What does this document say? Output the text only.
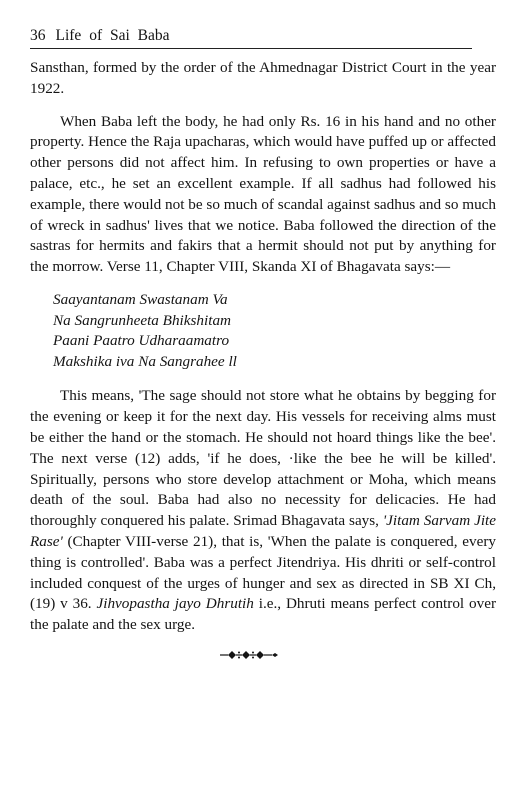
36 Life of Sai Baba

Sansthan, formed by the order of the Ahmednagar District Court in the year 1922.

When Baba left the body, he had only Rs. 16 in his hand and no other property. Hence the Raja upacharas, which would have puffed up or affected other persons did not affect him. In refusing to own properties or have a palace, etc., he set an excellent example. If all sadhus had followed his example, there would not be so much of scandal against sadhus and so much of wreck in sadhus' lives that we notice. Baba followed the direction of the sastras for hermits and fakirs that a hermit should not put by anything for the morrow. Verse 11, Chapter VIII, Skanda XI of Bhagavata says:—

Saayantanam Swastanam Va
Na Sangrunheeta Bhikshitam
Paani Paatro Udharaamatro
Makshika iva Na Sangrahee ll

This means, 'The sage should not store what he obtains by begging for the evening or keep it for the next day. His vessels for receiving alms must be either the hand or the stomach. He should not hoard things like the bee'. The next verse (12) adds, 'if he does, ·like the bee he will be killed'. Spiritually, persons who store develop attachment or Moha, which means death of the soul. Baba had also no necessity for delicacies. He had thoroughly conquered his palate. Srimad Bhagavata says, 'Jitam Sarvam Jite Rase' (Chapter VIII-verse 21), that is, 'When the palate is conquered, every thing is controlled'. Baba was a perfect Jitendriya. His dhriti or self-control included conquest of the urges of hunger and sex as directed in SB XI Ch, (19) v 36. Jihvopastha jayo Dhrutih i.e., Dhruti means perfect control over the palate and the sex urge.
